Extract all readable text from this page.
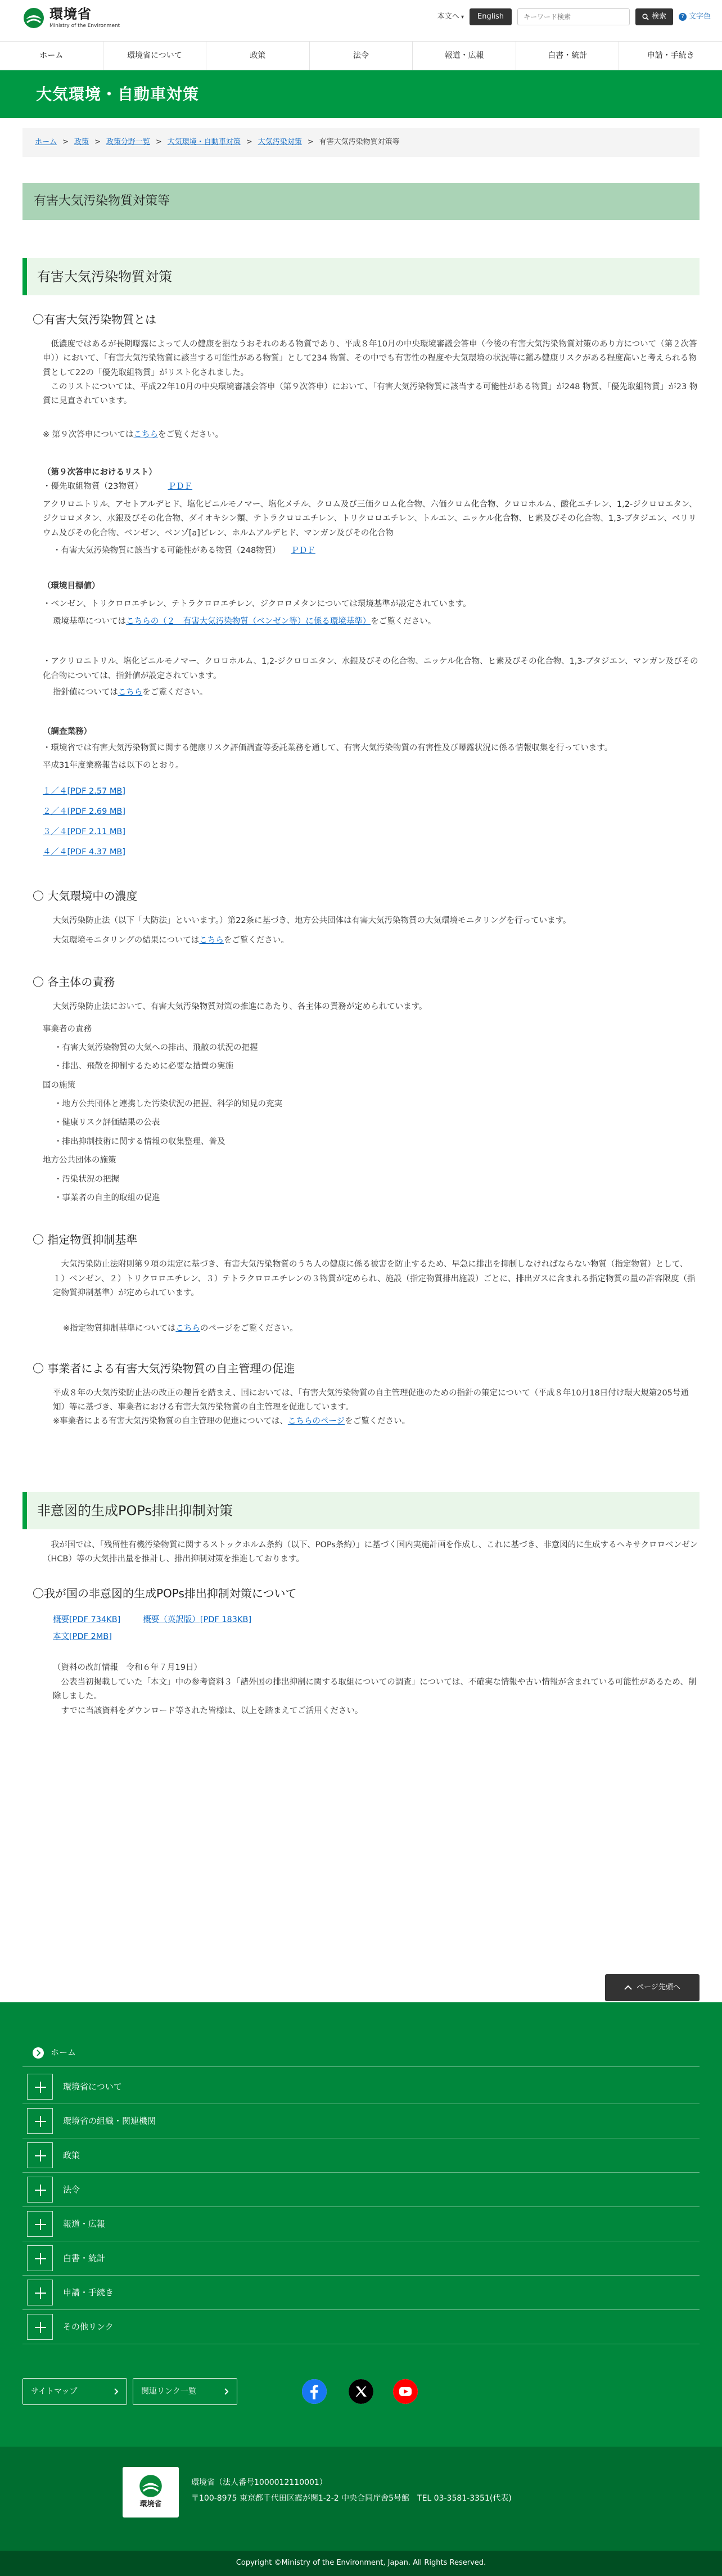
環境省
Ministry of the Environment
本文へ ▾	English
キーワード検索	検索	? 文字色
ホーム	環境省について	政策	法令	報道・広報	白書・統計	申請・手続き
大気環境・自動車対策
ホーム > 政策 > 政策分野一覧 > 大気環境・自動車対策 > 大気汚染対策 > 有害大気汚染物質対策等
有害大気汚染物質対策等
有害大気汚染物質対策
〇有害大気汚染物質とは

低濃度ではあるが長期曝露によって人の健康を損なうおそれのある物質であり、平成８年10月の中央環境審議会答申（今後の有害大気汚染物質対策のあり方について（第２次答申））において、「有害大気汚染物質に該当する可能性がある物質」として234 物質、その中でも有害性の程度や大気環境の状況等に鑑み健康リスクがある程度高いと考えられる物質として22の「優先取組物質」がリスト化されました。

このリストについては、平成22年10月の中央環境審議会答申（第９次答申）において、「有害大気汚染物質に該当する可能性がある物質」が248 物質、「優先取組物質」が23 物質に見直されています。

※ 第９次答申についてはこちらをご覧ください。
（第９次答申におけるリスト）
・優先取組物質（23物質）	ＰＤＦ
アクリロニトリル、アセトアルデヒド、塩化ビニルモノマー、塩化メチル、クロム及び三価クロム化合物、六価クロム化合物、クロロホルム、酸化エチレン、1,2-ジクロロエタン、ジクロロメタン、水銀及びその化合物、ダイオキシン類、テトラクロロエチレン、トリクロロエチレン、トルエン、ニッケル化合物、ヒ素及びその化合物、1,3-ブタジエン、ベリリウム及びその化合物、ベンゼン、ベンゾ[a]ピレン、ホルムアルデヒド、マンガン及びその化合物
・有害大気汚染物質に該当する可能性がある物質（248物質） ＰＤＦ
（環境目標値）
・ベンゼン、トリクロロエチレン、テトラクロロエチレン、ジクロロメタンについては環境基準が設定されています。
環境基準についてはこちらの（２　有害大気汚染物質（ベンゼン等）に係る環境基準）をご覧ください。
・アクリロニトリル、塩化ビニルモノマー、クロロホルム、1,2-ジクロロエタン、水銀及びその化合物、ニッケル化合物、ヒ素及びその化合物、1,3-ブタジエン、マンガン及びその化合物については、指針値が設定されています。
指針値についてはこちらをご覧ください。
（調査業務）
・環境省では有害大気汚染物質に関する健康リスク評価調査等委託業務を通して、有害大気汚染物質の有害性及び曝露状況に係る情報収集を行っています。
平成31年度業務報告は以下のとおり。
１／４[PDF 2.57 MB]
２／４[PDF 2.69 MB]
３／４[PDF 2.11 MB]
４／４[PDF 4.37 MB]
〇 大気環境中の濃度
大気汚染防止法（以下「大防法」といいます。）第22条に基づき、地方公共団体は有害大気汚染物質の大気環境モニタリングを行っています。
大気環境モニタリングの結果についてはこちらをご覧ください。
〇 各主体の責務
大気汚染防止法において、有害大気汚染物質対策の推進にあたり、各主体の責務が定められています。
事業者の責務
・有害大気汚染物質の大気への排出、飛散の状況の把握
・排出、飛散を抑制するために必要な措置の実施
国の施策
・地方公共団体と連携した汚染状況の把握、科学的知見の充実
・健康リスク評価結果の公表
・排出抑制技術に関する情報の収集整理、普及
地方公共団体の施策
・汚染状況の把握
・事業者の自主的取組の促進
〇 指定物質抑制基準

大気汚染防止法附則第９項の規定に基づき、有害大気汚染物質のうち人の健康に係る被害を防止するため、早急に排出を抑制しなければならない物質（指定物質）として、１）ベンゼン、２）トリクロロエチレン、３）テトラクロロエチレンの３物質が定められ、施設（指定物質排出施設）ごとに、排出ガスに含まれる指定物質の量の許容限度（指定物質抑制基準）が定められています。

※指定物質抑制基準についてはこちらのページをご覧ください。
〇 事業者による有害大気汚染物質の自主管理の促進
平成８年の大気汚染防止法の改正の趣旨を踏まえ、国においては、「有害大気汚染物質の自主管理促進のための指針の策定について（平成８年10月18日付け環大規第205号通知）等に基づき、事業者における有害大気汚染物質の自主管理を促進しています。
※事業者による有害大気汚染物質の自主管理の促進については、こちらのページをご覧ください。
非意図的生成POPs排出抑制対策
我が国では、「残留性有機汚染物質に関するストックホルム条約（以下、POPs条約）」に基づく国内実施計画を作成し、これに基づき、非意図的に生成するヘキサクロロベンゼン（HCB）等の大気排出量を推計し、排出抑制対策を推進しております。
〇我が国の非意図的生成POPs排出抑制対策について
概要[PDF 734KB]	概要（英訳版）[PDF 183KB]
本文[PDF 2MB]
（資料の改訂情報　令和６年７月19日）
公表当初掲載していた「本文」中の参考資料３「諸外国の排出抑制に関する取組についての調査」については、不確実な情報や古い情報が含まれている可能性があるため、削除しました。
すでに当該資料をダウンロード等された皆様は、以上を踏まえてご活用ください。
ページ先頭へ
ホーム
環境省について
環境省の組織・関連機関
政策
法令
報道・広報
白書・統計
申請・手続き
その他リンク
サイトマップ	関連リンク一覧
環境省
環境省（法人番号1000012110001）
〒100-8975 東京都千代田区霞が関1-2-2 中央合同庁舎5号館　TEL 03-3581-3351(代表)
Copyright ©Ministry of the Environment, Japan. All Rights Reserved.
